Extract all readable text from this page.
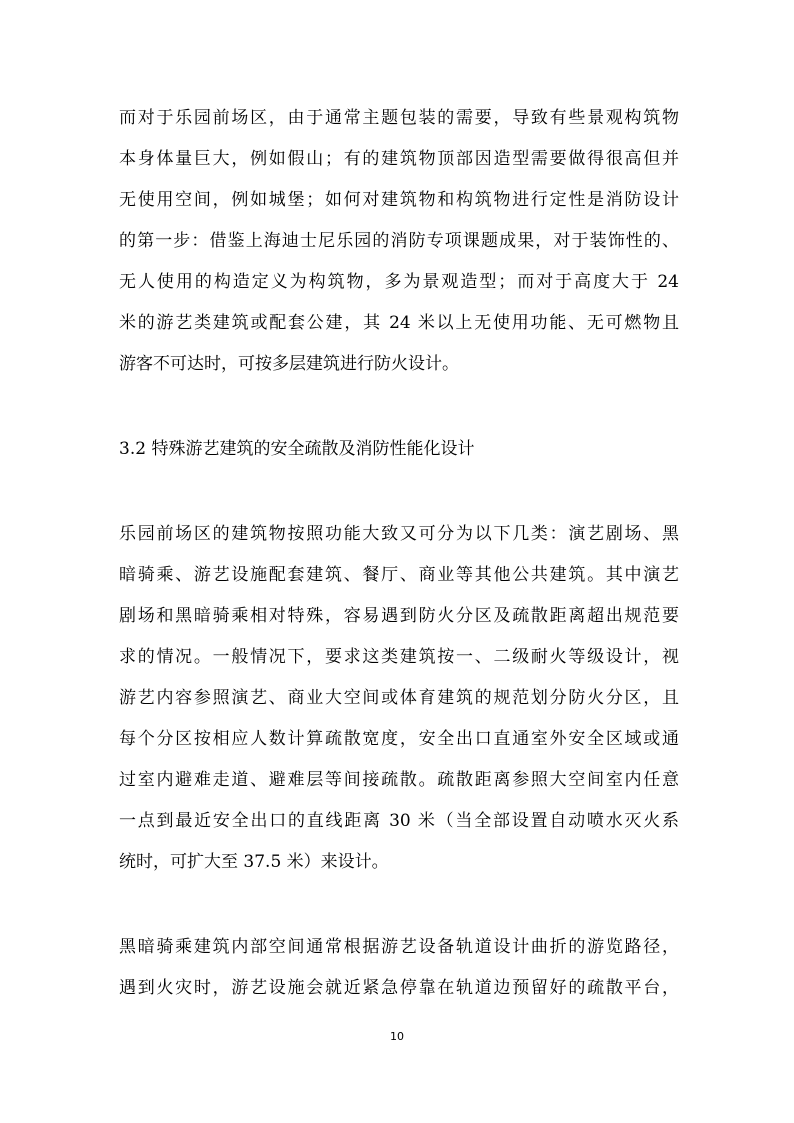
而对于乐园前场区，由于通常主题包装的需要，导致有些景观构筑物
本身体量巨大，例如假山；有的建筑物顶部因造型需要做得很高但并
无使用空间，例如城堡；如何对建筑物和构筑物进行定性是消防设计
的第一步：借鉴上海迪士尼乐园的消防专项课题成果，对于装饰性的、
无人使用的构造定义为构筑物，多为景观造型；而对于高度大于 24
米的游艺类建筑或配套公建，其 24 米以上无使用功能、无可燃物且
游客不可达时，可按多层建筑进行防火设计。
3.2 特殊游艺建筑的安全疏散及消防性能化设计
乐园前场区的建筑物按照功能大致又可分为以下几类：演艺剧场、黑
暗骑乘、游艺设施配套建筑、餐厅、商业等其他公共建筑。其中演艺
剧场和黑暗骑乘相对特殊，容易遇到防火分区及疏散距离超出规范要
求的情况。一般情况下，要求这类建筑按一、二级耐火等级设计，视
游艺内容参照演艺、商业大空间或体育建筑的规范划分防火分区，且
每个分区按相应人数计算疏散宽度，安全出口直通室外安全区域或通
过室内避难走道、避难层等间接疏散。疏散距离参照大空间室内任意
一点到最近安全出口的直线距离 30 米（当全部设置自动喷水灭火系
统时，可扩大至 37.5 米）来设计。
黑暗骑乘建筑内部空间通常根据游艺设备轨道设计曲折的游览路径，
遇到火灾时，游艺设施会就近紧急停靠在轨道边预留好的疏散平台，
10
